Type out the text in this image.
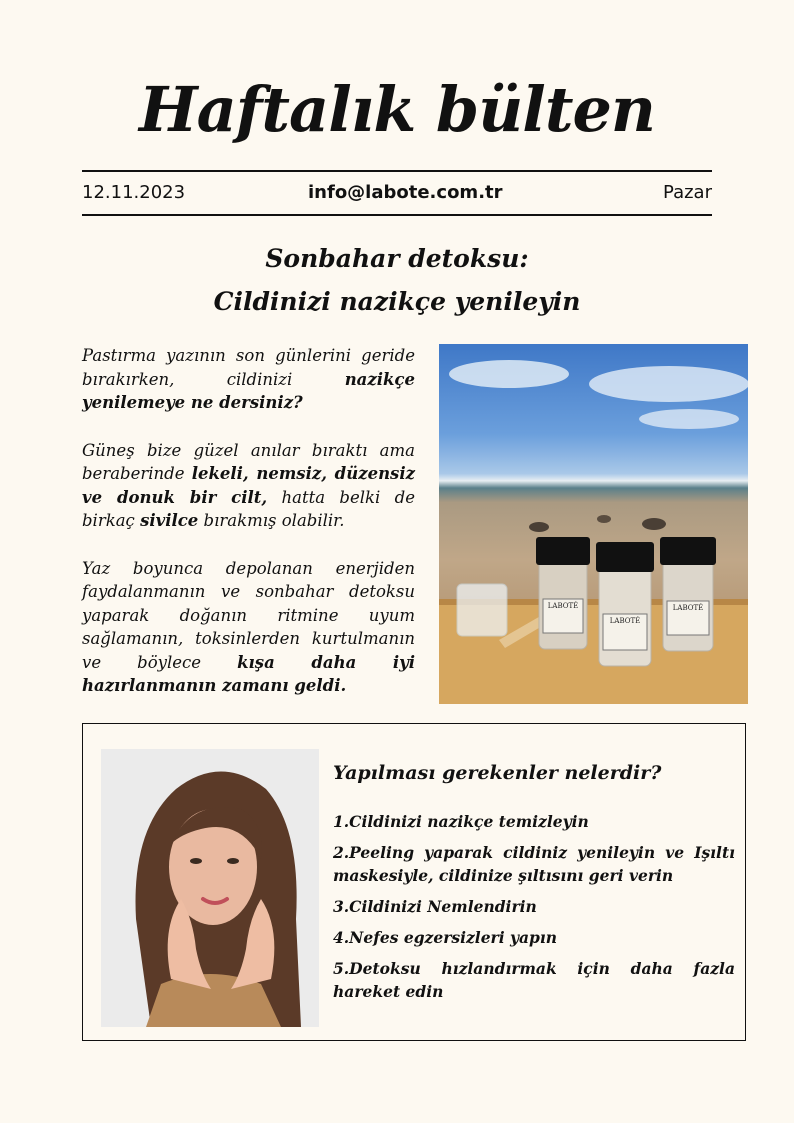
Haftalık bülten
12.11.2023	info@labote.com.tr	Pazar
Sonbahar detoksu:
Cildinizi nazikçe yenileyin

Pastırma yazının son günlerini geride bırakırken, cildinizi nazikçe yenilemeye ne dersiniz?

Güneş bize güzel anılar bıraktı ama beraberinde lekeli, nemsiz, düzensiz ve donuk bir cilt, hatta belki de birkaç sivilce bırakmış olabilir.

Yaz boyunca depolanan enerjiden faydalanmanın ve sonbahar detoksu yaparak doğanın ritmine uyum sağlamanın, toksinlerden kurtulmanın ve böylece kışa daha iyi hazırlanmanın zamanı geldi.

LABOTÉ
LABOTÉ
LABOTÉ
Yapılması gerekenler nelerdir?
1.Cildinizi nazikçe temizleyin
2.Peeling yaparak cildiniz yenileyin ve Işıltı maskesiyle, cildinize şıltısını geri verin
3.Cildinizi Nemlendirin
4.Nefes egzersizleri yapın
5.Detoksu hızlandırmak için daha fazla hareket edin
